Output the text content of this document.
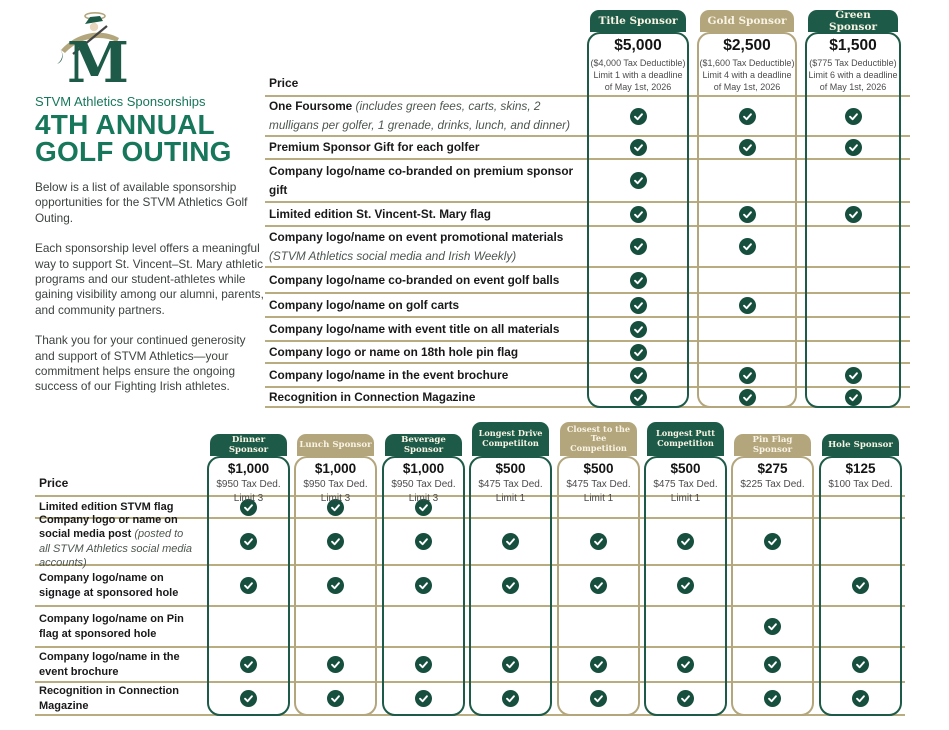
M
STVM Athletics Sponsorships
4TH ANNUAL
GOLF OUTING
Below is a list of available sponsorship opportunities for the STVM Athletics Golf Outing.
Each sponsorship level offers a meaningful way to support St. Vincent–St. Mary athletic programs and our student-athletes while gaining visibility among our alumni, parents, and community partners.
Thank you for your continued generosity and support of STVM Athletics—your commitment helps ensure the ongoing success of our Fighting Irish athletes.
Price
One Foursome (includes green fees, carts, skins, 2 mulligans per golfer, 1 grenade, drinks, lunch, and dinner)
Premium Sponsor Gift for each golfer
Company logo/name co-branded on premium sponsor gift
Limited edition St. Vincent-St. Mary flag
Company logo/name on event promotional materials (STVM Athletics social media and Irish Weekly)
Company logo/name co-branded on event golf balls
Company logo/name on golf carts
Company logo/name with event title on all materials
Company logo or name on 18th hole pin flag
Company logo/name in the event brochure
Recognition in Connection Magazine
Title Sponsor
$5,000
($4,000 Tax Deductible)
Limit 1 with a deadline of May 1st, 2026
Gold Sponsor
$2,500
($1,600 Tax Deductible)
Limit 4 with a deadline of May 1st, 2026
Green Sponsor
$1,500
($775 Tax Deductible)
Limit 6 with a deadline of May 1st, 2026
Price
Limited edition STVM flag
Company logo or name on social media post (posted to all STVM Athletics social media accounts)
Company logo/name on signage at sponsored hole
Company logo/name on Pin flag at sponsored hole
Company logo/name in the event brochure
Recognition in Connection Magazine
Dinner Sponsor
$1,000
$950 Tax Ded.
Limit 3
Lunch Sponsor
$1,000
$950 Tax Ded.
Limit 3
Beverage Sponsor
$1,000
$950 Tax Ded.
Limit 3
Longest Drive Competiiton
$500
$475 Tax Ded.
Limit 1
Closest to the Tee Competition
$500
$475 Tax Ded.
Limit 1
Longest Putt Competition
$500
$475 Tax Ded.
Limit 1
Pin Flag Sponsor
$275
$225 Tax Ded.
Hole Sponsor
$125
$100 Tax Ded.
